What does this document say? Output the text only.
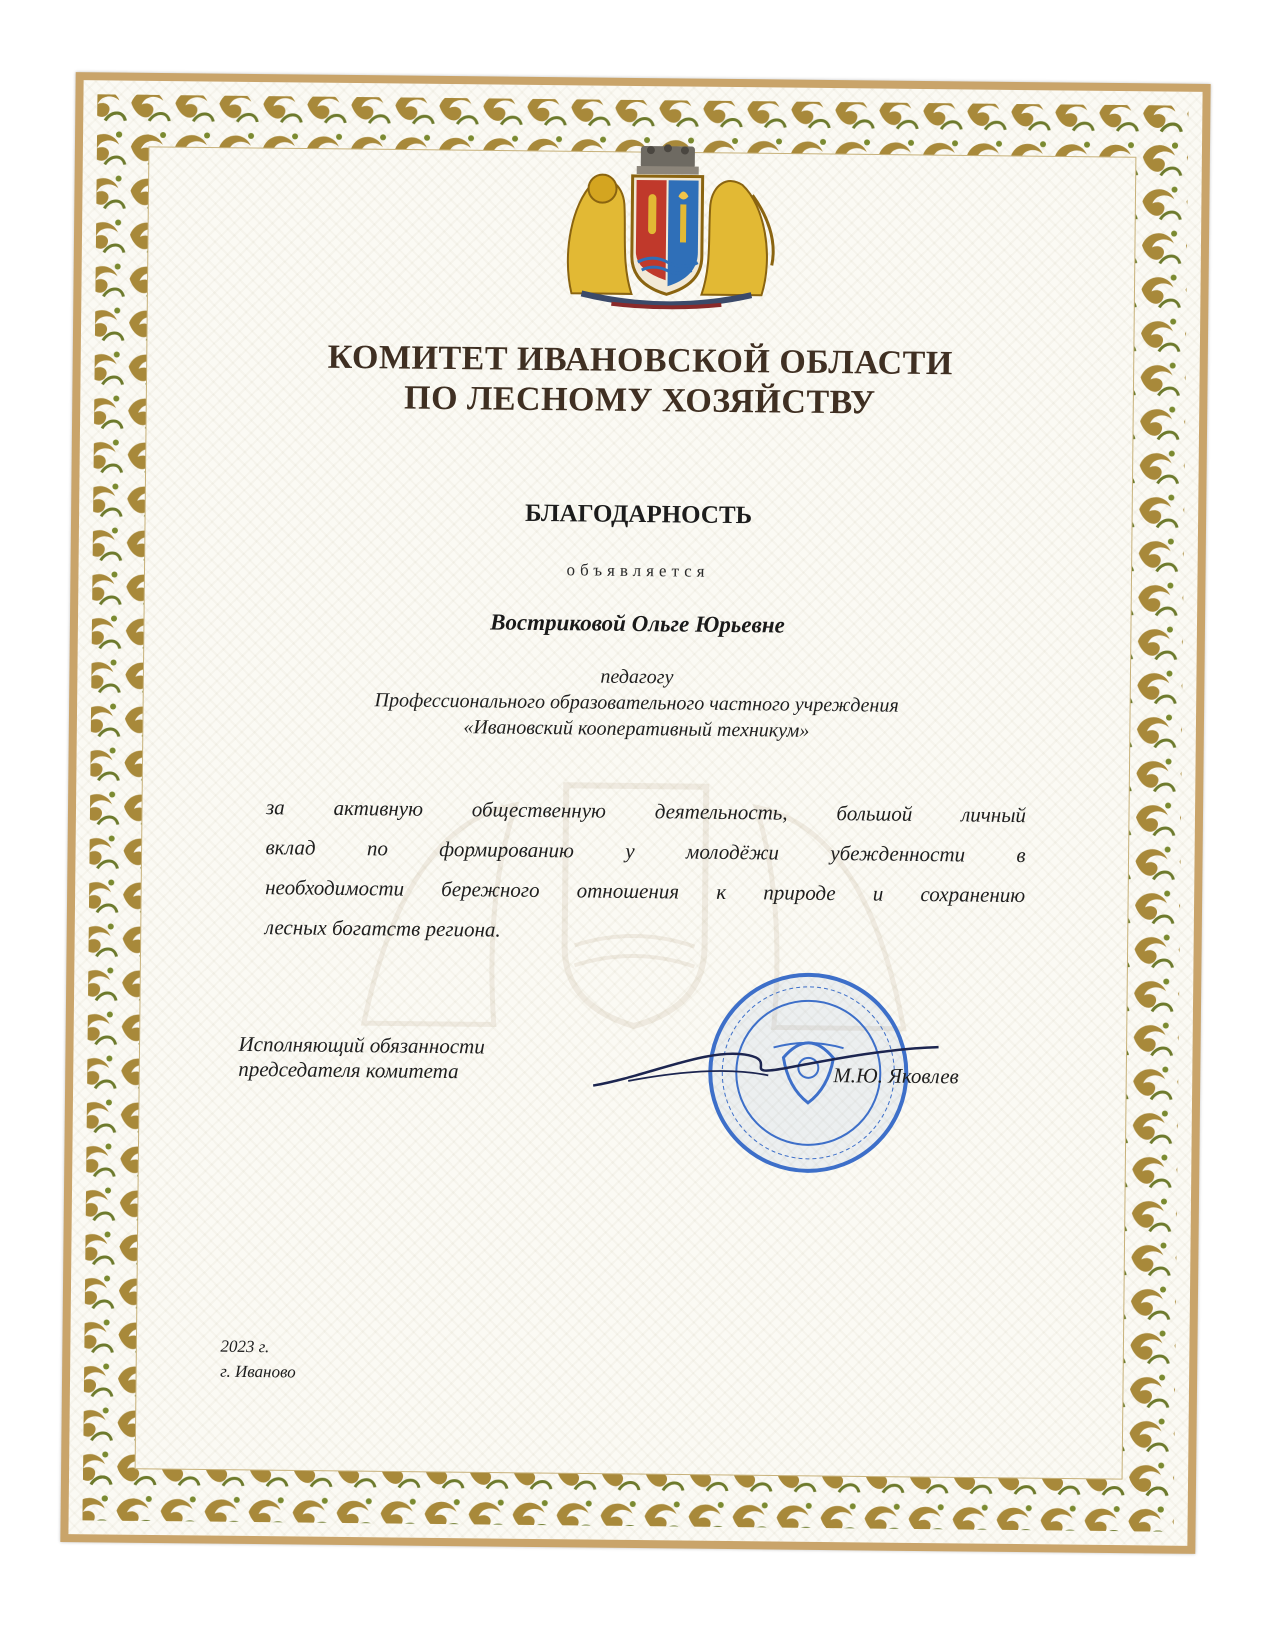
КОМИТЕТ ИВАНОВСКОЙ ОБЛАСТИ
ПО ЛЕСНОМУ ХОЗЯЙСТВУ
БЛАГОДАРНОСТЬ
объявляется
Востриковой Ольге Юрьевне
педагогу
Профессионального образовательного частного учреждения
«Ивановский кооперативный техникум»
за активную общественную деятельность, большой личный
вклад по формированию у молодёжи убежденности в
необходимости бережного отношения к природе и сохранению
лесных богатств региона.
Исполняющий обязанности
председателя комитета	М.Ю. Яковлев
2023 г.
г. Иваново
